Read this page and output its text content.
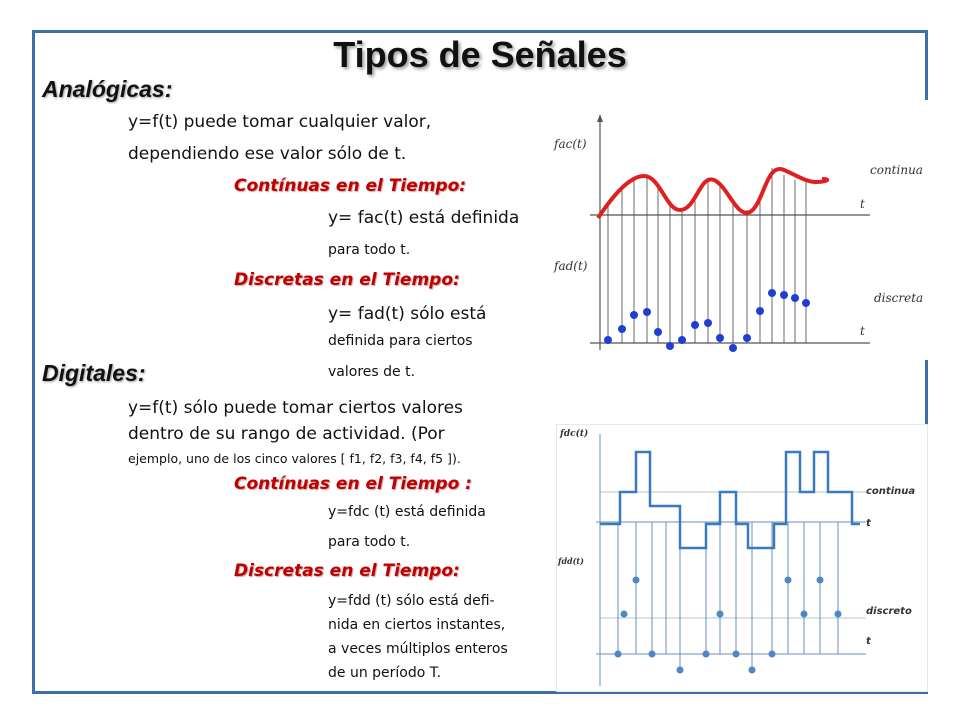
Tipos de Señales
Analógicas:
y=f(t) puede tomar cualquier valor,
dependiendo ese valor sólo de t.
Contínuas en el Tiempo:
y= fac(t) está definida
para todo t.
Discretas en el Tiempo:
y= fad(t) sólo está
definida para ciertos
valores de t.
Digitales:
y=f(t) sólo puede tomar ciertos valores
dentro de su rango de actividad. (Por
ejemplo, uno de los cinco valores [ f1, f2, f3, f4, f5 ]).
Contínuas en el Tiempo :
y=fdc (t) está definida
para todo t.
Discretas en el Tiempo:
y=fdd (t) sólo está defi-
nida en ciertos instantes,
a veces múltiplos enteros
de un período T.
fac(t)
fad(t)
continua
discreta
t
t
fdc(t)
fdd(t)
continua
discreto
t
t
